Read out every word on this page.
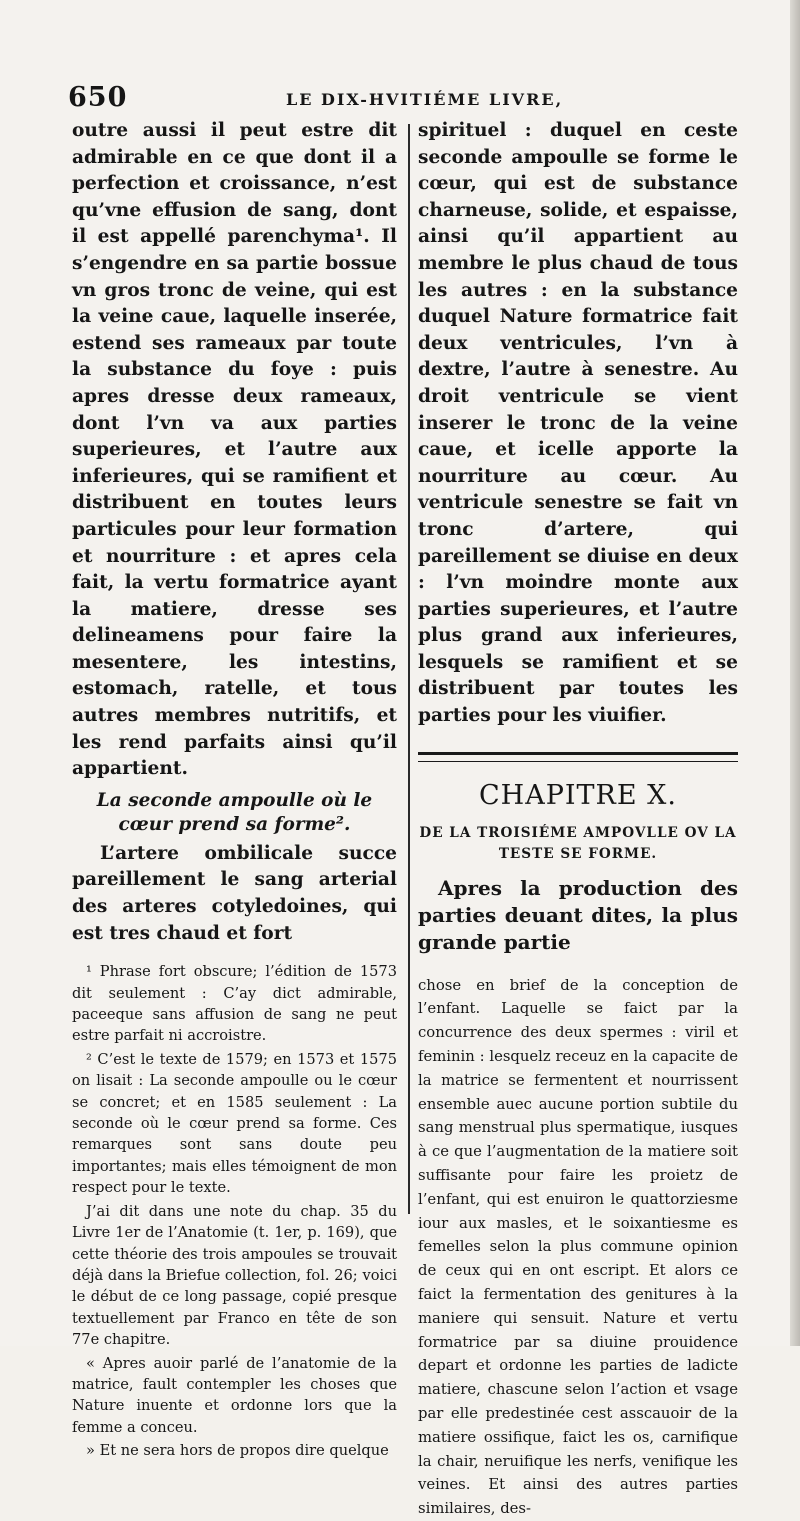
650	LE DIX-HVITIÉME LIVRE,

outre aussi il peut estre dit admirable en ce que dont il a perfection et croissance, n’est qu’vne effusion de sang, dont il est appellé parenchyma¹. Il s’engendre en sa partie bossue vn gros tronc de veine, qui est la veine caue, laquelle inserée, estend ses rameaux par toute la substance du foye : puis apres dresse deux rameaux, dont l’vn va aux parties superieures, et l’autre aux inferieures, qui se ramifient et distribuent en toutes leurs particules pour leur formation et nourriture : et apres cela fait, la vertu formatrice ayant la matiere, dresse ses delineamens pour faire la mesentere, les intestins, estomach, ratelle, et tous autres membres nutritifs, et les rend parfaits ainsi qu’il appartient.

La seconde ampoulle où le cœur prend sa forme².

L’artere ombilicale succe pareillement le sang arterial des arteres cotyledoines, qui est tres chaud et fort

¹ Phrase fort obscure; l’édition de 1573 dit seulement : C’ay dict admirable, paceeque sans affusion de sang ne peut estre parfait ni accroistre.

² C’est le texte de 1579; en 1573 et 1575 on lisait : La seconde ampoulle ou le cœur se concret; et en 1585 seulement : La seconde où le cœur prend sa forme. Ces remarques sont sans doute peu importantes; mais elles témoignent de mon respect pour le texte.

J’ai dit dans une note du chap. 35 du Livre 1er de l’Anatomie (t. 1er, p. 169), que cette théorie des trois ampoules se trouvait déjà dans la Briefue collection, fol. 26; voici le début de ce long passage, copié presque textuellement par Franco en tête de son 77e chapitre.

« Apres auoir parlé de l’anatomie de la matrice, fault contempler les choses que Nature inuente et ordonne lors que la femme a conceu.

» Et ne sera hors de propos dire quelque

spirituel : duquel en ceste seconde ampoulle se forme le cœur, qui est de substance charneuse, solide, et espaisse, ainsi qu’il appartient au membre le plus chaud de tous les autres : en la substance duquel Nature formatrice fait deux ventricules, l’vn à dextre, l’autre à senestre. Au droit ventricule se vient inserer le tronc de la veine caue, et icelle apporte la nourriture au cœur. Au ventricule senestre se fait vn tronc d’artere, qui pareillement se diuise en deux : l’vn moindre monte aux parties superieures, et l’autre plus grand aux inferieures, lesquels se ramifient et se distribuent par toutes les parties pour les viuifier.

CHAPITRE X.
DE LA TROISIÉME AMPOVLLE OV LA TESTE SE FORME.

Apres la production des parties deuant dites, la plus grande partie

chose en brief de la conception de l’enfant. Laquelle se faict par la concurrence des deux spermes : viril et feminin : lesquelz receuz en la capacite de la matrice se fermentent et nourrissent ensemble auec aucune portion subtile du sang menstrual plus spermatique, iusques à ce que l’augmentation de la matiere soit suffisante pour faire les proietz de l’enfant, qui est enuiron le quattorziesme iour aux masles, et le soixantiesme es femelles selon la plus commune opinion de ceux qui en ont escript. Et alors ce faict la fermentation des genitures à la maniere qui sensuit. Nature et vertu formatrice par sa diuine prouidence depart et ordonne les parties de ladicte matiere, chascune selon l’action et vsage par elle predestinée cest asscauoir de la matiere ossifique, faict les os, carnifique la chair, neruifique les nerfs, venifique les veines. Et ainsi des autres parties similaires, des-
